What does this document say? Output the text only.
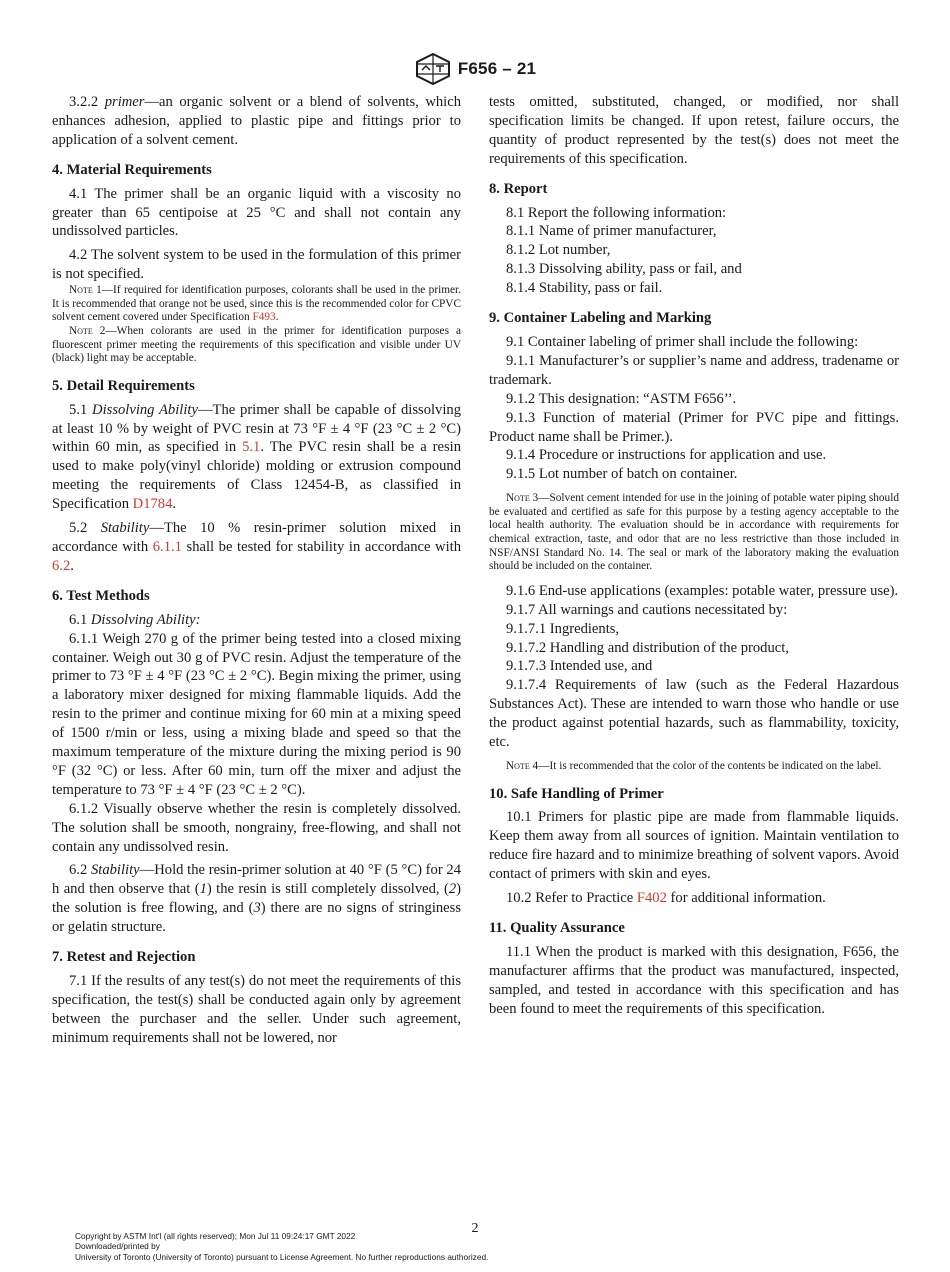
F656 – 21

3.2.2 primer—an organic solvent or a blend of solvents, which enhances adhesion, applied to plastic pipe and fittings prior to application of a solvent cement.

4. Material Requirements

4.1 The primer shall be an organic liquid with a viscosity no greater than 65 centipoise at 25 °C and shall not contain any undissolved particles.

4.2 The solvent system to be used in the formulation of this primer is not specified.

Note 1—If required for identification purposes, colorants shall be used in the primer. It is recommended that orange not be used, since this is the recommended color for CPVC solvent cement covered under Specification F493.

Note 2—When colorants are used in the primer for identification purposes a fluorescent primer meeting the requirements of this specification and visible under UV (black) light may be acceptable.

5. Detail Requirements

5.1 Dissolving Ability—The primer shall be capable of dissolving at least 10 % by weight of PVC resin at 73 °F ± 4 °F (23 °C ± 2 °C) within 60 min, as specified in 5.1. The PVC resin shall be a resin used to make poly(vinyl chloride) molding or extrusion compound meeting the requirements of Class 12454-B, as classified in Specification D1784.

5.2 Stability—The 10 % resin-primer solution mixed in accordance with 6.1.1 shall be tested for stability in accordance with 6.2.

6. Test Methods

6.1 Dissolving Ability:

6.1.1 Weigh 270 g of the primer being tested into a closed mixing container. Weigh out 30 g of PVC resin. Adjust the temperature of the primer to 73 °F ± 4 °F (23 °C ± 2 °C). Begin mixing the primer, using a laboratory mixer designed for mixing flammable liquids. Add the resin to the primer and continue mixing for 60 min at a mixing speed of 1500 r/min or less, using a mixing blade and speed so that the maximum temperature of the mixture during the mixing period is 90 °F (32 °C) or less. After 60 min, turn off the mixer and adjust the temperature to 73 °F ± 4 °F (23 °C ± 2 °C).

6.1.2 Visually observe whether the resin is completely dissolved. The solution shall be smooth, nongrainy, free-flowing, and shall not contain any undissolved resin.

6.2 Stability—Hold the resin-primer solution at 40 °F (5 °C) for 24 h and then observe that (1) the resin is still completely dissolved, (2) the solution is free flowing, and (3) there are no signs of stringiness or gelatin structure.

7. Retest and Rejection

7.1 If the results of any test(s) do not meet the requirements of this specification, the test(s) shall be conducted again only by agreement between the purchaser and the seller. Under such agreement, minimum requirements shall not be lowered, nor

tests omitted, substituted, changed, or modified, nor shall specification limits be changed. If upon retest, failure occurs, the quantity of product represented by the test(s) does not meet the requirements of this specification.

8. Report

8.1 Report the following information:

8.1.1 Name of primer manufacturer,

8.1.2 Lot number,

8.1.3 Dissolving ability, pass or fail, and

8.1.4 Stability, pass or fail.

9. Container Labeling and Marking

9.1 Container labeling of primer shall include the following:

9.1.1 Manufacturer’s or supplier’s name and address, tradename or trademark.

9.1.2 This designation: “ASTM F656’’.

9.1.3 Function of material (Primer for PVC pipe and fittings. Product name shall be Primer.).

9.1.4 Procedure or instructions for application and use.

9.1.5 Lot number of batch on container.

Note 3—Solvent cement intended for use in the joining of potable water piping should be evaluated and certified as safe for this purpose by a testing agency acceptable to the local health authority. The evaluation should be in accordance with requirements for chemical extraction, taste, and odor that are no less restrictive than those included in NSF/ANSI Standard No. 14. The seal or mark of the laboratory making the evaluation should be included on the container.

9.1.6 End-use applications (examples: potable water, pressure use).

9.1.7 All warnings and cautions necessitated by:

9.1.7.1 Ingredients,

9.1.7.2 Handling and distribution of the product,

9.1.7.3 Intended use, and

9.1.7.4 Requirements of law (such as the Federal Hazardous Substances Act). These are intended to warn those who handle or use the product against potential hazards, such as flammability, toxicity, etc.

Note 4—It is recommended that the color of the contents be indicated on the label.

10. Safe Handling of Primer

10.1 Primers for plastic pipe are made from flammable liquids. Keep them away from all sources of ignition. Maintain ventilation to reduce fire hazard and to minimize breathing of solvent vapors. Avoid contact of primers with skin and eyes.

10.2 Refer to Practice F402 for additional information.

11. Quality Assurance

11.1 When the product is marked with this designation, F656, the manufacturer affirms that the product was manufactured, inspected, sampled, and tested in accordance with this specification and has been found to meet the requirements of this specification.

2
Copyright by ASTM Int'l (all rights reserved); Mon Jul 11 09:24:17 GMT 2022
Downloaded/printed by
University of Toronto (University of Toronto) pursuant to License Agreement. No further reproductions authorized.
